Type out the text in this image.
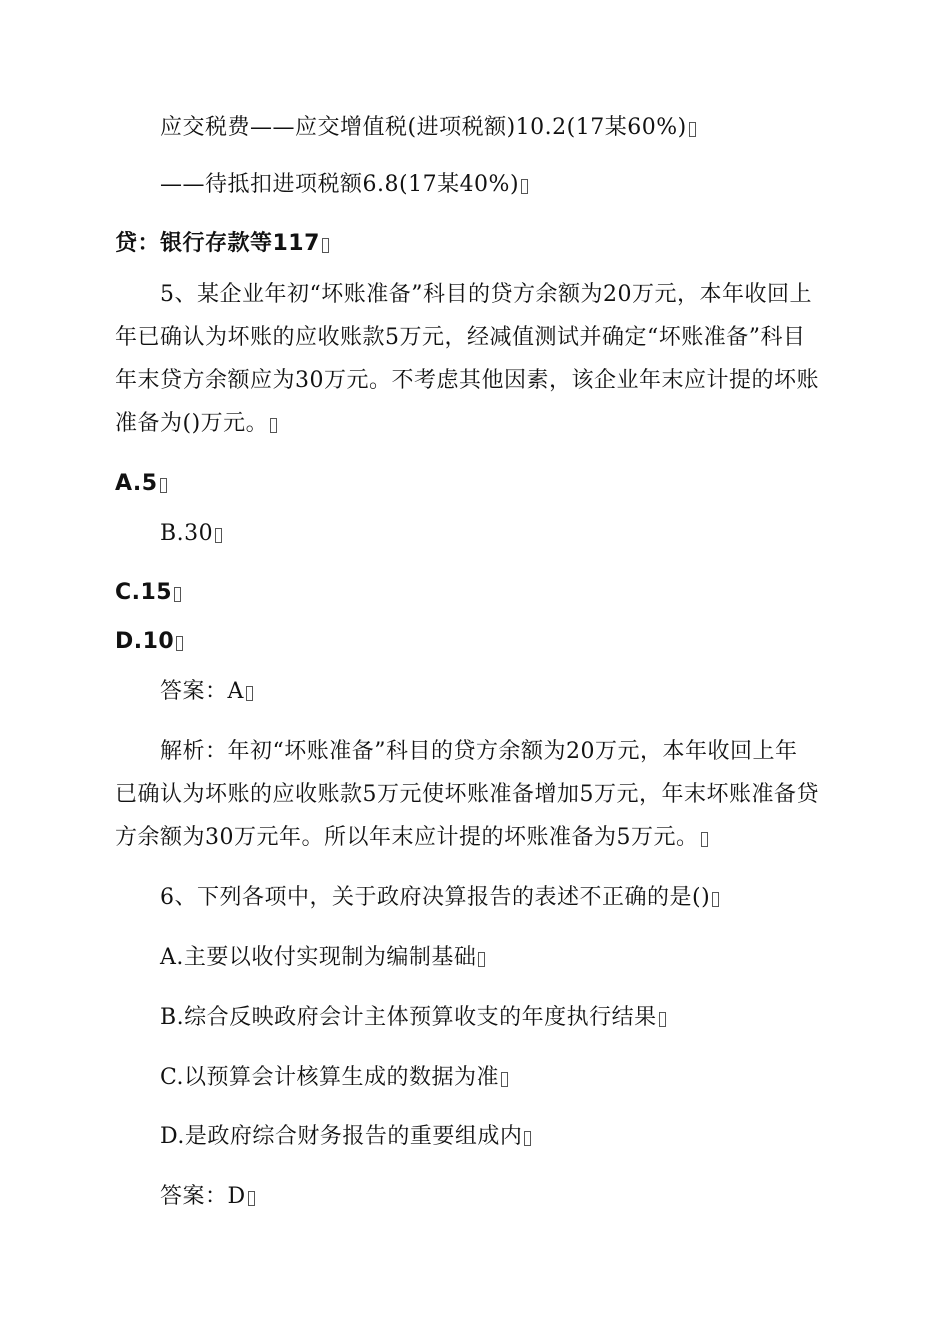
应交税费——应交增值税(进项税额)10.2(17某60%)
——待抵扣进项税额6.8(17某40%)
贷：银行存款等117
5、某企业年初“坏账准备”科目的贷方余额为20万元，本年收回上
年已确认为坏账的应收账款5万元，经减值测试并确定“坏账准备”科目
年末贷方余额应为30万元。不考虑其他因素，该企业年末应计提的坏账
准备为()万元。
A.5
B.30
C.15
D.10
答案：A
解析：年初“坏账准备”科目的贷方余额为20万元，本年收回上年
已确认为坏账的应收账款5万元使坏账准备增加5万元，年末坏账准备贷
方余额为30万元年。所以年末应计提的坏账准备为5万元。
6、下列各项中，关于政府决算报告的表述不正确的是()
A.主要以收付实现制为编制基础
B.综合反映政府会计主体预算收支的年度执行结果
C.以预算会计核算生成的数据为准
D.是政府综合财务报告的重要组成内
答案：D
